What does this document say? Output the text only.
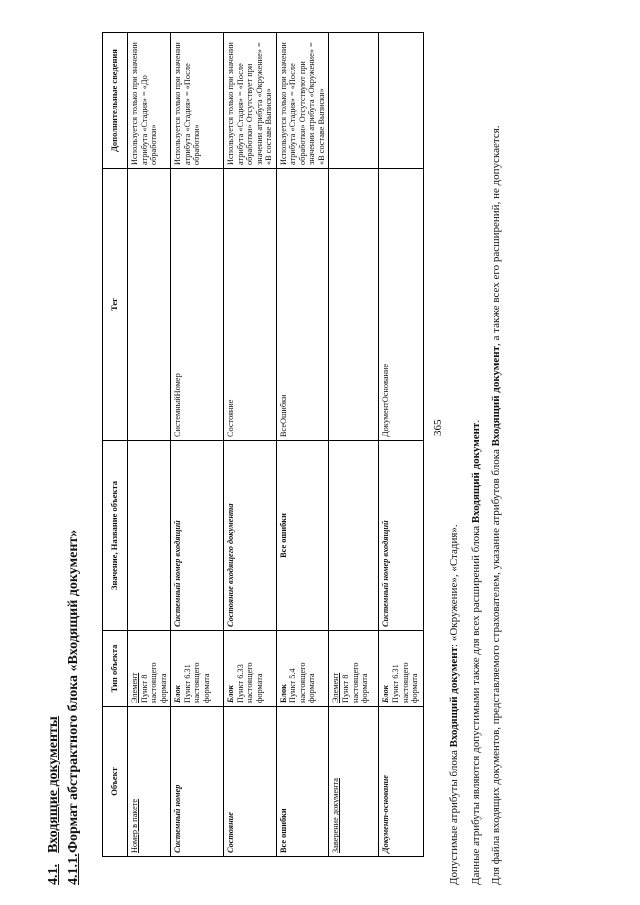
365
4.1.Входящие документы
4.1.1.Формат абстрактного блока «Входящий документ»	Объект	Тип объекта	Значение, Название объекта	Тег	Дополнительные сведения
Номер в пакете	Элемент Пункт 8 настоящего формата			Используется только при значении атрибута «Стадия» = «До обработки»
Системный номер	Блок Пункт 6.31 настоящего формата	Системный номер входящий	СистемныйНомер	Используется только при значении атрибута «Стадия» = «После обработки»
Состояние	Блок Пункт 6.33 настоящего формата	Состояние входящего документа	Состояние	Используется только при значении атрибута «Стадия» = «После обработки» Отсутствует при значении атрибута «Окружение» = «В составе Выписки»
Все ошибки	Блок Пункт 5.4 настоящего формата	Все ошибки	ВсеОшибки	Используется только при значении атрибута «Стадия» = «После обработки» Отсутствуют при значении атрибута «Окружение» = «В составе Выписки»
Заверение документа	Элемент Пункт 8 настоящего формата			
Документ-основание	Блок Пункт 6.31 настоящего формата	Системный номер входящий	ДокументОснование	
Допустимые атрибуты блока Входящий документ: «Окружение», «Стадия». Данные атрибуты являются допустимыми также для всех расширений блока Входящий документ.
Для файла входящих документов, представляемого страхователем, указание атрибутов блока Входящий документ, а также всех его расширений, не допускается.
